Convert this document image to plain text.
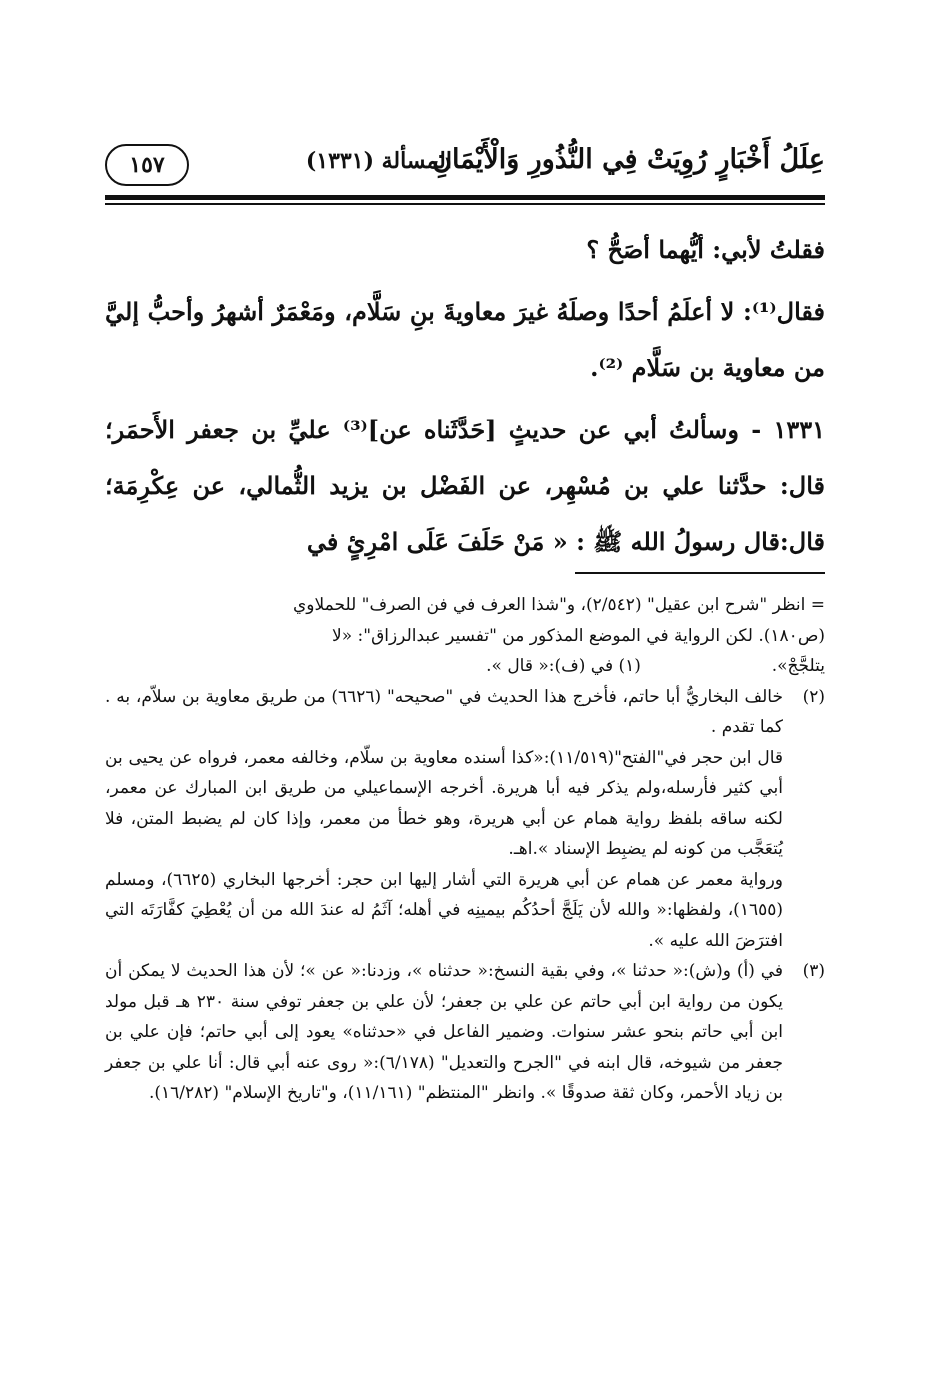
عِلَلُ أَخْبَارٍ رُوِيَتْ فِي النُّذُورِ وَالْأَيْمَانِ
المسألة (١٣٣١)
١٥٧

فقلتُ لأبي: أيُّهما أصَحُّ ؟

فقال⁽¹⁾: لا أعلَمُ أحدًا وصلَهُ غيرَ معاويةَ بنِ سَلَّام، ومَعْمَرٌ أشهرُ وأحبُّ إليَّ من معاوية بن سَلَّام ⁽²⁾.

١٣٣١ - وسألتُ أبي عن حديثٍ [حَدَّثَناه عن]⁽³⁾ عليِّ بن جعفر الأَحمَر؛ قال: حدَّثنا علي بن مُسْهِر، عن الفَضْل بن يزيد الثُّمالي، عن عِكْرِمَة؛ قال:قال رسولُ الله ﷺ : « مَنْ حَلَفَ عَلَى امْرِئٍ في

= انظر "شرح ابن عقيل" (٢/٥٤٢)، و"شذا العرف في فن الصرف" للحملاوي

(ص١٨٠). لكن الرواية في الموضع المذكور من "تفسير عبدالرزاق": «لا

يتلجَّجْ».  (١) في (ف):« قال ».

(٢)

خالف البخاريُّ أبا حاتم، فأخرج هذا الحديث في "صحيحه" (٦٦٢٦) من طريق معاوية بن سلاّم، به . كما تقدم .

قال ابن حجر في"الفتح"(١١/٥١٩):«كذا أسنده معاوية بن سلّام، وخالفه معمر، فرواه عن يحيى بن أبي كثير فأرسله،ولم يذكر فيه أبا هريرة. أخرجه الإسماعيلي من طريق ابن المبارك عن معمر، لكنه ساقه بلفظ رواية همام عن أبي هريرة، وهو خطأ من معمر، وإذا كان لم يضبط المتن، فلا يُتعَجَّب من كونه لم يضبِط الإسناد ».اهـ.

ورواية معمر عن همام عن أبي هريرة التي أشار إليها ابن حجر: أخرجها البخاري (٦٦٢٥)، ومسلم (١٦٥٥)، ولفظها:« والله لأن يَلَجَّ أحدُكُم بيمينِه في أهله؛ آثَمُ له عندَ الله من أن يُعْطِيَ كفَّارَتَه التي افترَضَ الله عليه ».

(٣)

في (أ) و(ش):« حدثنا »، وفي بقية النسخ:« حدثناه »، وزدنا:« عن »؛ لأن هذا الحديث لا يمكن أن يكون من رواية ابن أبي حاتم عن علي بن جعفر؛ لأن علي بن جعفر توفي سنة ٢٣٠ هـ قبل مولد ابن أبي حاتم بنحو عشر سنوات. وضمير الفاعل في «حدثناه» يعود إلى أبي حاتم؛ فإن علي بن جعفر من شيوخه، قال ابنه في "الجرح والتعديل" (٦/١٧٨):« روى عنه أبي قال: أنا علي بن جعفر بن زياد الأحمر، وكان ثقة صدوقًا ». وانظر "المنتظم" (١١/١٦١)، و"تاريخ الإسلام" (١٦/٢٨٢).
